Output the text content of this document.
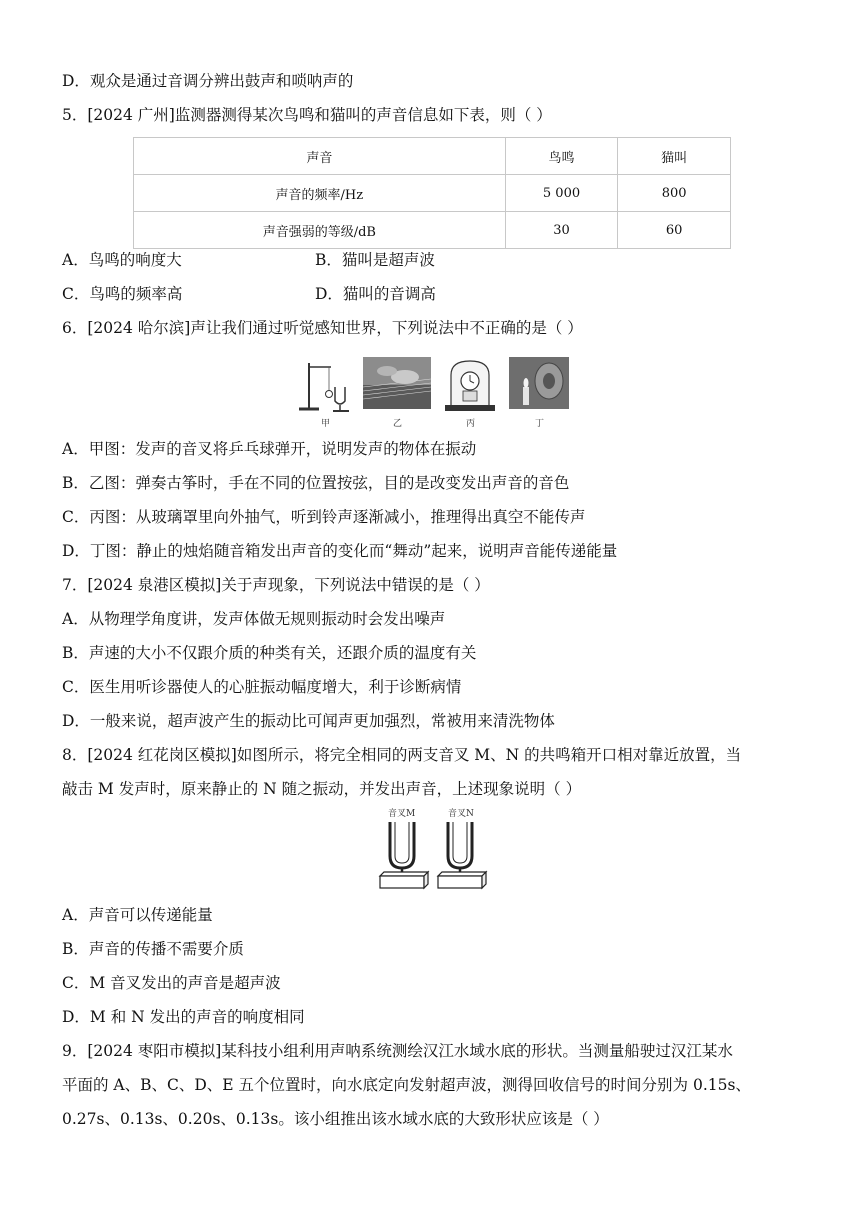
D．观众是通过音调分辨出鼓声和唢呐声的
5．[2024 广州]监测器测得某次鸟鸣和猫叫的声音信息如下表，则（ ）
声音	鸟鸣	猫叫
声音的频率/Hz	5 000	800
声音强弱的等级/dB	30	60
A．鸟鸣的响度大	B．猫叫是超声波
C．鸟鸣的频率高	D．猫叫的音调高
6．[2024 哈尔滨]声让我们通过听觉感知世界，下列说法中不正确的是（ ）
甲	乙	丙	丁
A．甲图：发声的音叉将乒乓球弹开，说明发声的物体在振动
B．乙图：弹奏古筝时，手在不同的位置按弦，目的是改变发出声音的音色
C．丙图：从玻璃罩里向外抽气，听到铃声逐渐减小，推理得出真空不能传声
D．丁图：静止的烛焰随音箱发出声音的变化而“舞动”起来，说明声音能传递能量
7．[2024 泉港区模拟]关于声现象，下列说法中错误的是（ ）
A．从物理学角度讲，发声体做无规则振动时会发出噪声
B．声速的大小不仅跟介质的种类有关，还跟介质的温度有关
C．医生用听诊器使人的心脏振动幅度增大，利于诊断病情
D．一般来说，超声波产生的振动比可闻声更加强烈，常被用来清洗物体
8．[2024 红花岗区模拟]如图所示，将完全相同的两支音叉 M、N 的共鸣箱开口相对靠近放置，当
敲击 M 发声时，原来静止的 N 随之振动，并发出声音，上述现象说明（ ）
音叉M	音叉N
A．声音可以传递能量
B．声音的传播不需要介质
C．M 音叉发出的声音是超声波
D．M 和 N 发出的声音的响度相同
9．[2024 枣阳市模拟]某科技小组利用声呐系统测绘汉江水域水底的形状。当测量船驶过汉江某水
平面的 A、B、C、D、E 五个位置时，向水底定向发射超声波，测得回收信号的时间分别为 0.15s、
0.27s、0.13s、0.20s、0.13s。该小组推出该水域水底的大致形状应该是（ ）
